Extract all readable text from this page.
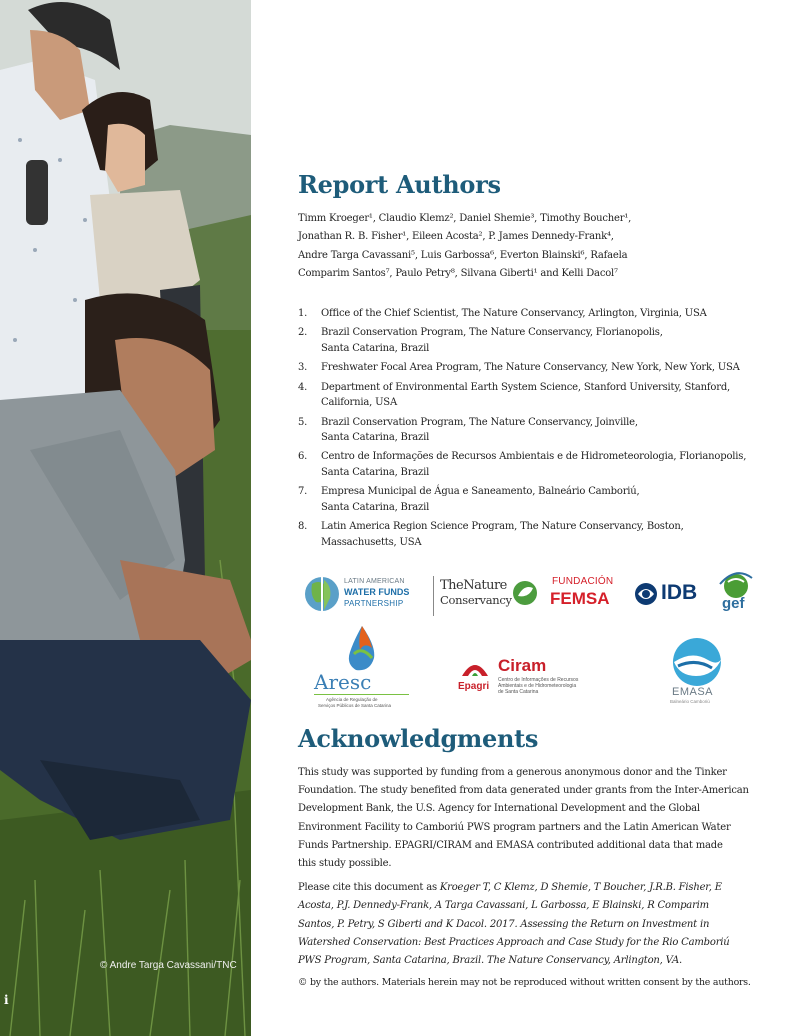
© Andre Targa Cavassani/TNC
i
Report Authors
Timm Kroeger¹, Claudio Klemz², Daniel Shemie³, Timothy Boucher¹,
Jonathan R. B. Fisher¹, Eileen Acosta², P. James Dennedy-Frank⁴,
Andre Targa Cavassani⁵, Luis Garbossa⁶, Everton Blainski⁶, Rafaela
Comparim Santos⁷, Paulo Petry⁸, Silvana Giberti¹ and Kelli Dacol⁷
1. Office of the Chief Scientist, The Nature Conservancy, Arlington, Virginia, USA
2. Brazil Conservation Program, The Nature Conservancy, Florianopolis,
Santa Catarina, Brazil
3. Freshwater Focal Area Program, The Nature Conservancy, New York, New York, USA
4. Department of Environmental Earth System Science, Stanford University, Stanford,
California, USA
5. Brazil Conservation Program, The Nature Conservancy, Joinville,
Santa Catarina, Brazil
6. Centro de Informações de Recursos Ambientais e de Hidrometeorologia, Florianopolis,
Santa Catarina, Brazil
7. Empresa Municipal de Água e Saneamento, Balneário Camboriú,
Santa Catarina, Brazil
8. Latin America Region Science Program, The Nature Conservancy, Boston,
Massachusetts, USA
LATIN AMERICAN
WATER FUNDS
PARTNERSHIP
TheNature
Conservancy
FUNDACIÓN
FEMSA IDB gef
Aresc
Agência de Regulação de
Serviços Públicos de Santa Catarina
Epagri
Ciram
Centro de Informações de Recursos
Ambientais e de Hidrometeorologia
de Santa Catarina	EMASA
Balneário Camboriú
Acknowledgments

This study was supported by funding from a generous anonymous donor and the Tinker
Foundation. The study benefited from data generated under grants from the Inter-American
Development Bank, the U.S. Agency for International Development and the Global
Environment Facility to Camboriú PWS program partners and the Latin American Water
Funds Partnership. EPAGRI/CIRAM and EMASA contributed additional data that made
this study possible.

Please cite this document as Kroeger T, C Klemz, D Shemie, T Boucher, J.R.B. Fisher, E
Acosta, P.J. Dennedy-Frank, A Targa Cavassani, L Garbossa, E Blainski, R Comparim
Santos, P. Petry, S Giberti and K Dacol. 2017. Assessing the Return on Investment in
Watershed Conservation: Best Practices Approach and Case Study for the Rio Camboriú
PWS Program, Santa Catarina, Brazil. The Nature Conservancy, Arlington, VA.

© by the authors. Materials herein may not be reproduced without written consent by the authors.
